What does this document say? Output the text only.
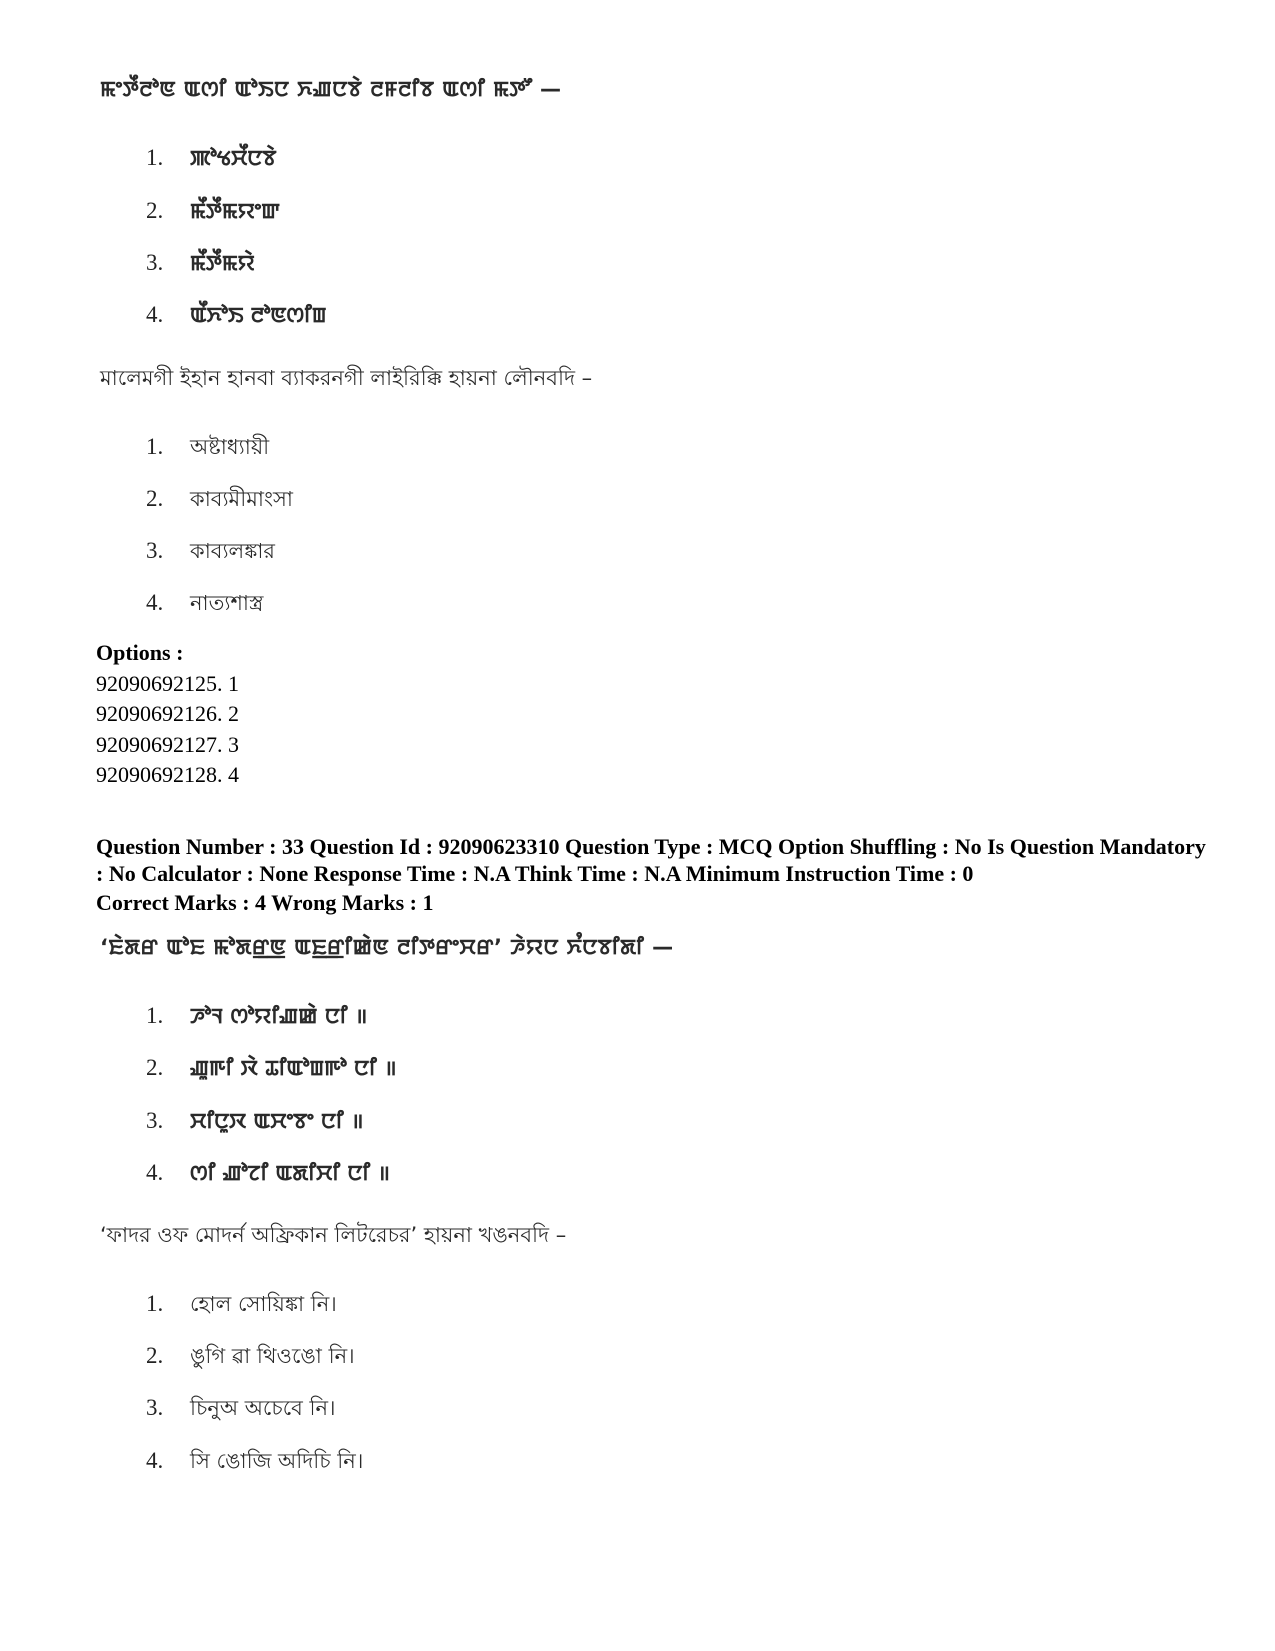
ꯃꯦꯇꯩꯂꯣꯟ ꯑꯁꯤ ꯑꯣꯏꯅ ꯈꯉꯅꯕꯥ ꯂꯝꯂꯤꯕ ꯑꯁꯤ ꯃꯇꯧ —
1. ꯄꯣꯠꯆꯩꯅꯕꯥ
2. ꯃꯩꯇꯩꯃꯌꯦꯛ
3. ꯃꯩꯇꯩꯃꯌꯥ
4. ꯑꯩꯈꯣꯏ ꯂꯣꯟꯁꯤꯡ
মালেমগী ইহান হানবা ব্যাকরনগী লাইরিক্কি হায়না লৌনবদি –
1. অষ্টাধ্যায়ী
2. কাব্যমীমাংসা
3. কাব্যলঙ্কার
4. নাত্যশাস্ত্র
Options :
92090692125. 1
92090692126. 2
92090692127. 3
92090692128. 4
Question Number : 33 Question Id : 92090623310 Question Type : MCQ Option Shuffling : No Is Question Mandatory : No Calculator : None Response Time : N.A Think Time : N.A Minimum Instruction Time : 0
Correct Marks : 4 Wrong Marks : 1
‘ꯐꯥꯗꯔ ꯑꯣꯐ ꯃꯣꯗꯔ꯭ꯟ ꯑꯐ꯭ꯔꯤꯀꯥꯟ ꯂꯤꯇꯔꯦꯆꯔ’ ꯍꯥꯌꯅ ꯈꯪꯅꯕꯤꯗꯤ —
1. ꯍꯣꯜ ꯁꯣꯌꯤꯉꯀꯥ ꯅꯤ ॥
2. ꯉꯨꯒꯤ ꯋꯥ ꯊꯤꯑꯣꯡꯒꯣ ꯅꯤ ॥
3. ꯆꯤꯅꯨꯋ ꯑꯆꯦꯕꯦ ꯅꯤ ॥
4. ꯁꯤ ꯉꯣꯖꯤ ꯑꯗꯤꯆꯤ ꯅꯤ ॥
‘ফাদর ওফ মোদর্ন অফ্রিকান লিটরেচর’ হায়না খঙনবদি –
1. হোল সোয়িঙ্কা নি।
2. ঙুগি ৱা থিওঙো নি।
3. চিনুঅ অচেবে নি।
4. সি ঙোজি অদিচি নি।
